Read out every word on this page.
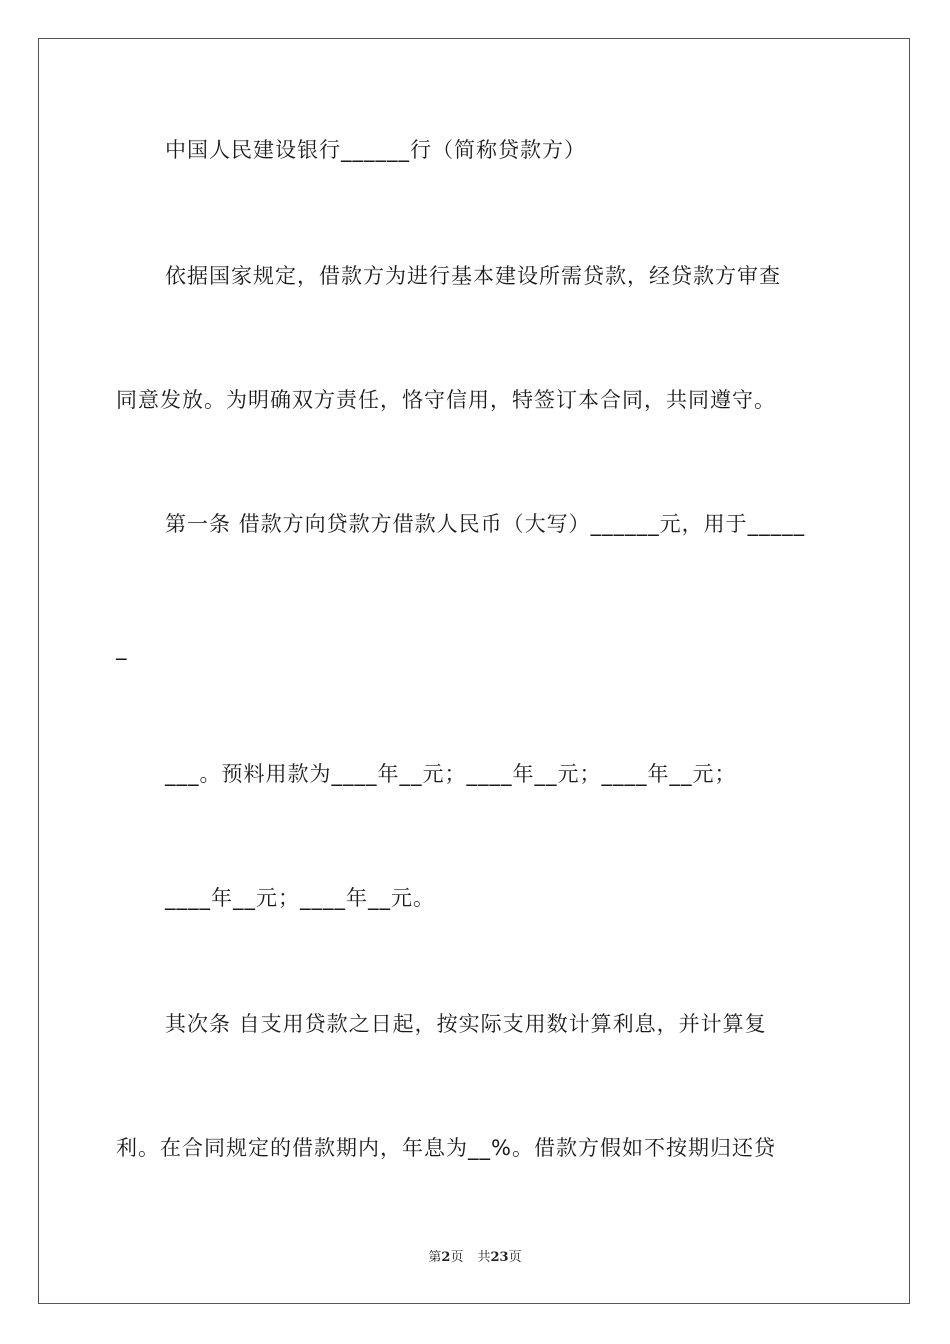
中国人民建设银行______行（简称贷款方）
依据国家规定，借款方为进行基本建设所需贷款，经贷款方审查
同意发放。为明确双方责任，恪守信用，特签订本合同，共同遵守。
第一条 借款方向贷款方借款人民币（大写）______元，用于_____
_
___。预料用款为____年__元；____年__元；____年__元；
____年__元；____年__元。
其次条 自支用贷款之日起，按实际支用数计算利息，并计算复
利。在合同规定的借款期内，年息为__%。借款方假如不按期归还贷
第2页 共23页
